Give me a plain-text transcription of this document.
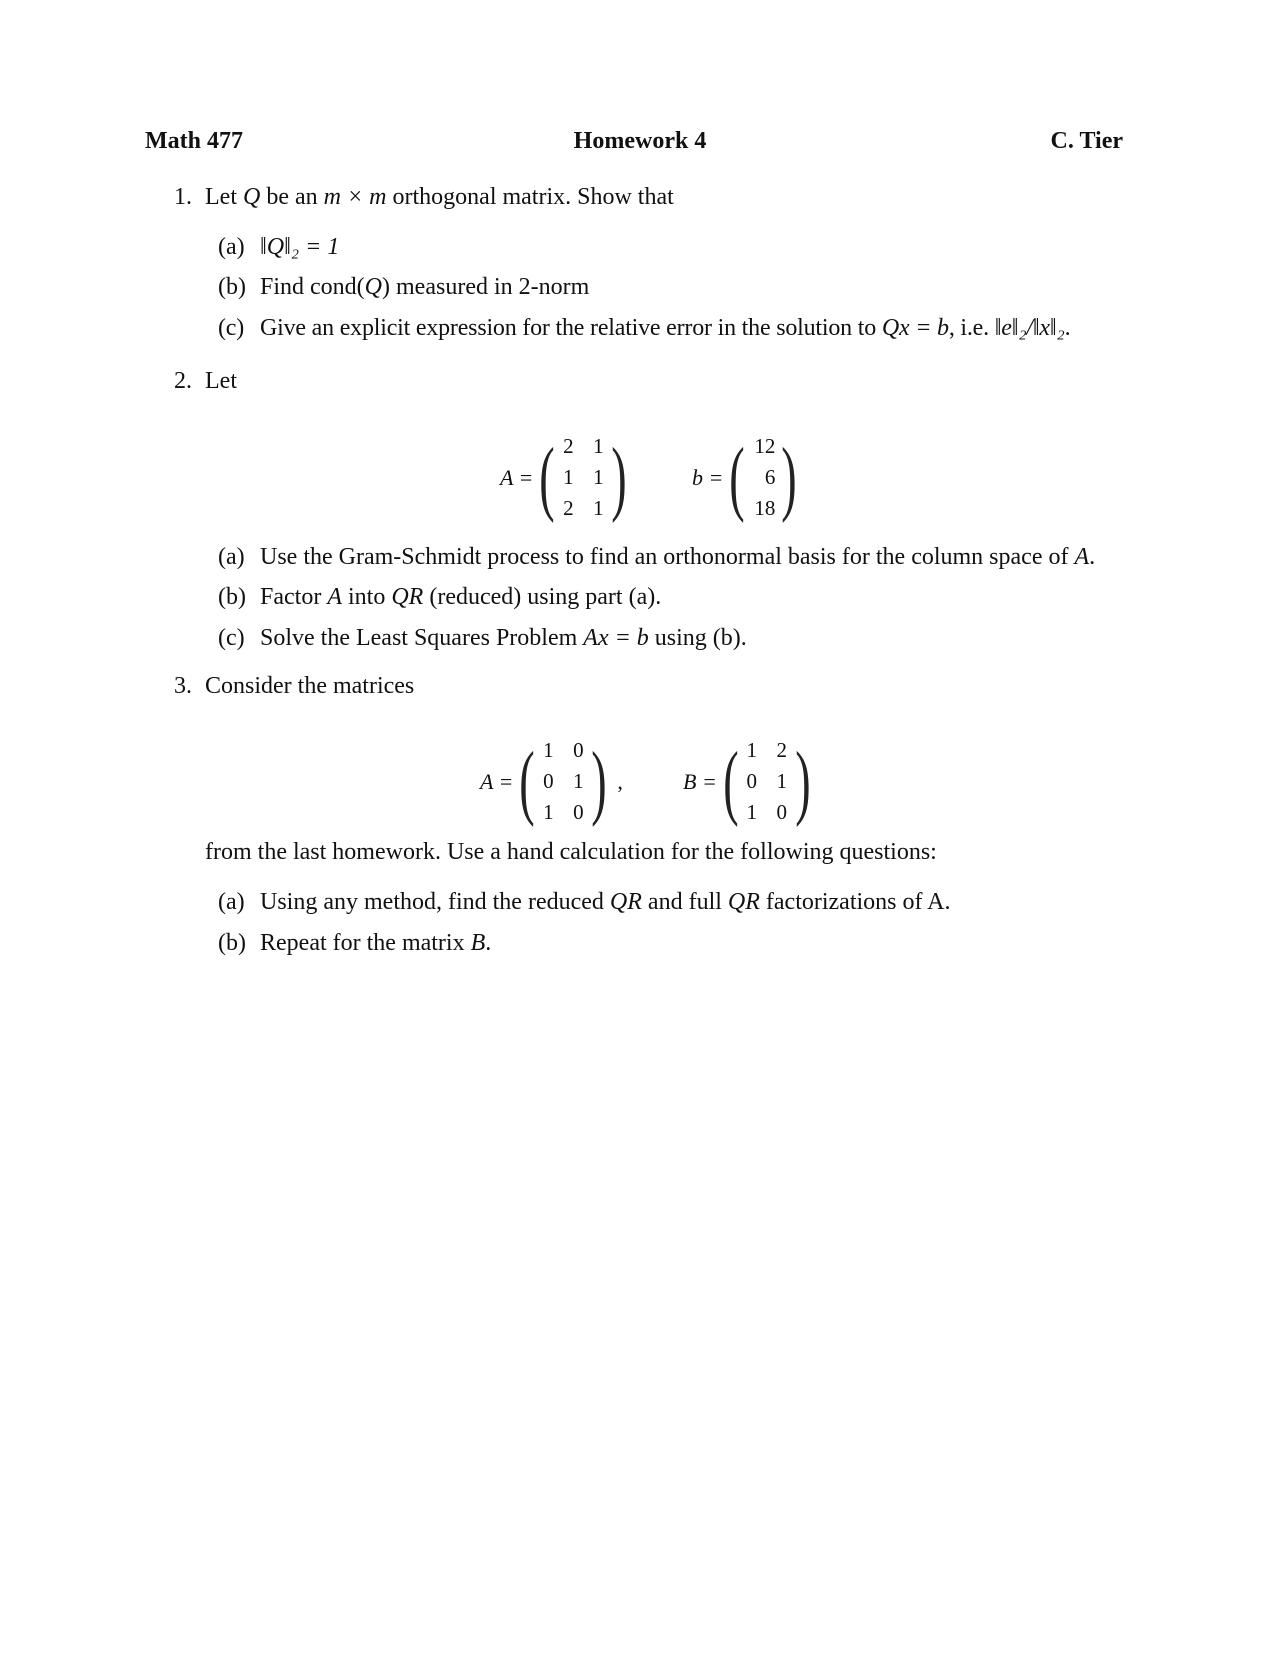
Math 477	Homework 4	C. Tier
1. Let Q be an m × m orthogonal matrix. Show that
(a) ‖Q‖₂ = 1
(b) Find cond(Q) measured in 2-norm
(c) Give an explicit expression for the relative error in the solution to Qx = b, i.e. ‖e‖₂/‖x‖₂.
2. Let
A = ( 2 1
1 1
2 1 )	b = ( 12
6
18 )
(a) Use the Gram-Schmidt process to find an orthonormal basis for the column space of A.
(b) Factor A into QR (reduced) using part (a).
(c) Solve the Least Squares Problem Ax = b using (b).
3. Consider the matrices
A = ( 1 0
0 1
1 0 ) ,	B = ( 1 2
0 1
1 0 )
from the last homework. Use a hand calculation for the following questions:
(a) Using any method, find the reduced QR and full QR factorizations of A.
(b) Repeat for the matrix B.
